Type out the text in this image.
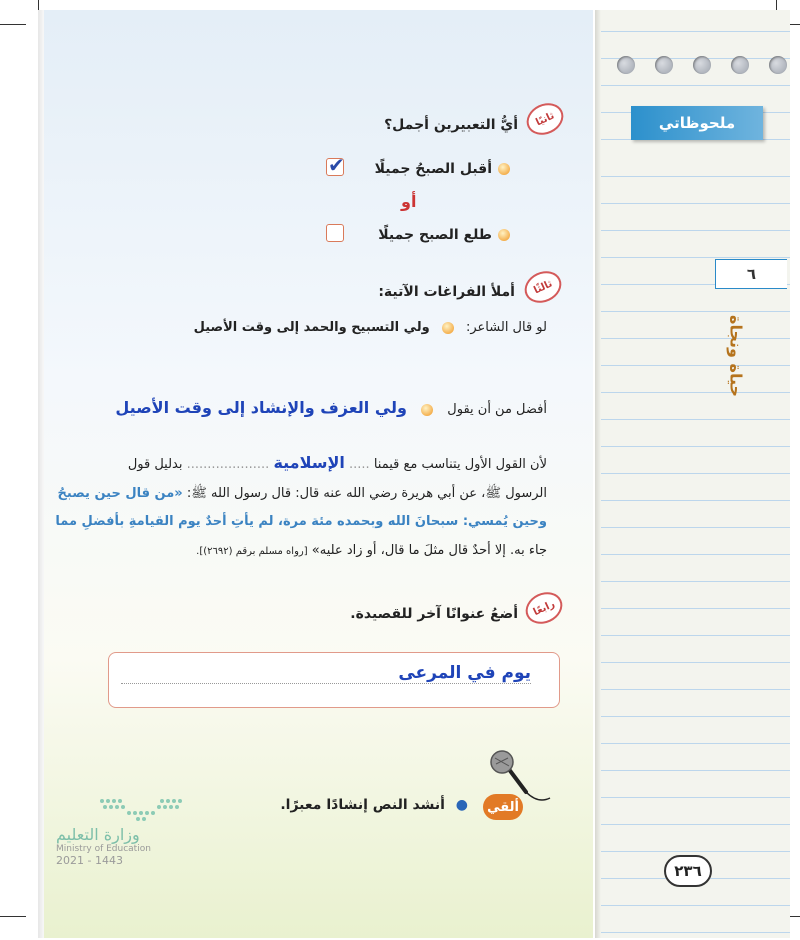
ملحوظاتي
٦
حياة ونجاة
ثانيًا
أيُّ التعبيرين أجمل؟
أقبل الصبحُ جميلًا
✔
أو
طلع الصبح جميلًا
ثالثًا
أملأ الفراغات الآتية:
لو قال الشاعر:  ولي التسبيح والحمد إلى وقت الأصيل
أفضل من أن يقول  ولي العزف والإنشاد إلى وقت الأصيل
لأن القول الأول يتناسب مع قيمنا ..... الإسلامية .................... بدليل قول
الرسول ﷺ، عن أبي هريرة رضي الله عنه قال: قال رسول الله ﷺ: «من قال حين يصبحُ
وحين يُمسي: سبحانَ الله وبحمده مئة مرة، لم يأتِ أحدٌ يوم القيامةِ بأفضلِ مما
جاء به. إلا أحدٌ قال مثلَ ما قال، أو زاد عليه» [رواه مسلم برقم (٢٦٩٢)].
رابعًا
أضعُ عنوانًا آخر للقصيدة.
يوم في المرعى
ألقي
● أنشد النص إنشادًا معبرًا.
وزارة التعليم
Ministry of Education
2021 - 1443
٢٣٦
